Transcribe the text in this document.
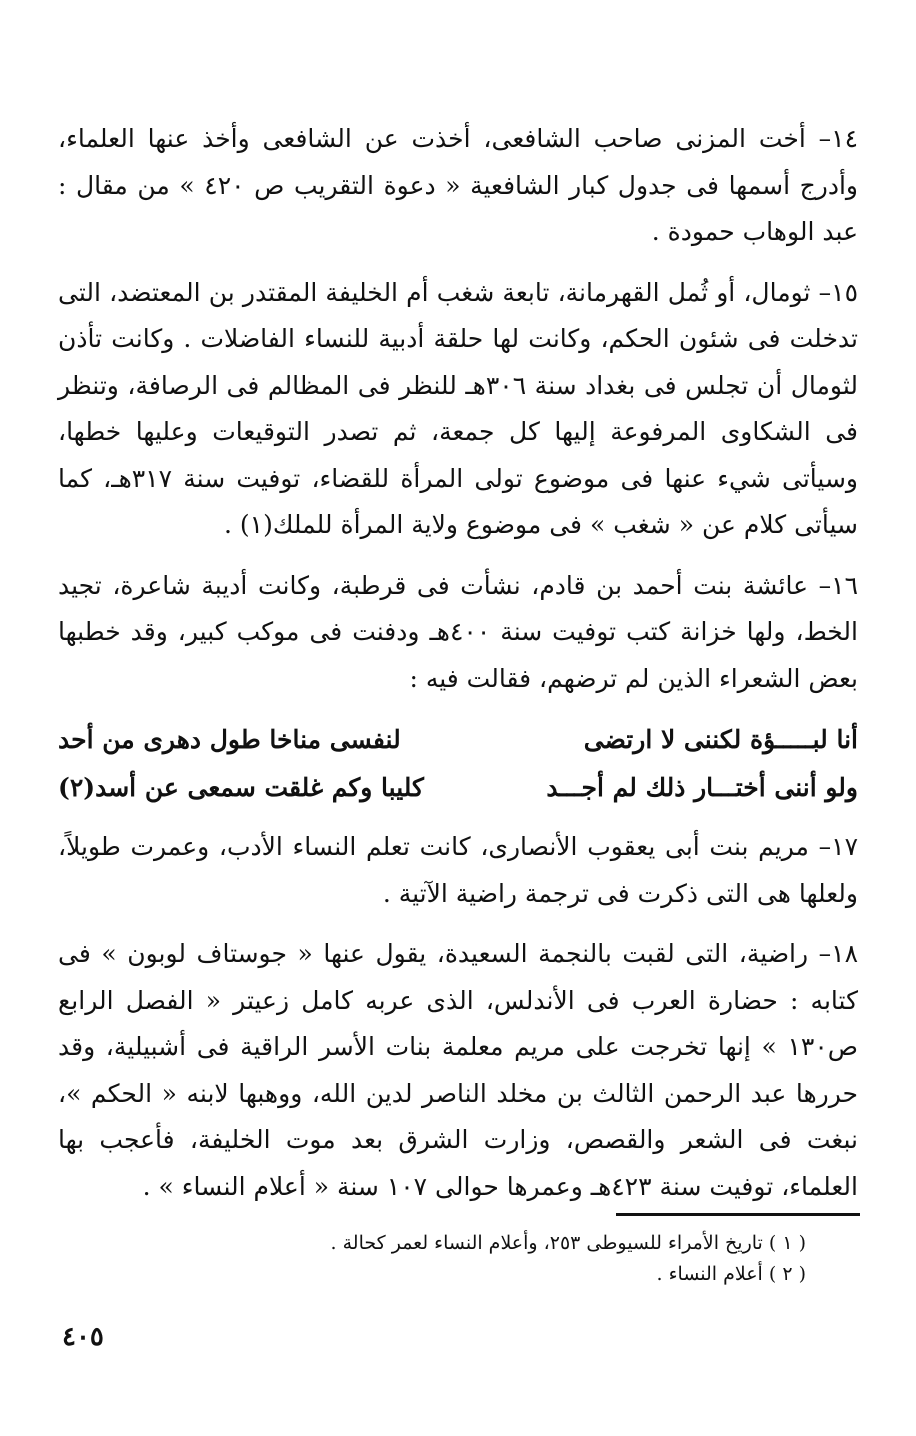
١٤– أخت المزنى صاحب الشافعى، أخذت عن الشافعى وأخذ عنها العلماء، وأدرج أسمها فى جدول كبار الشافعية « دعوة التقريب ص ٤٢٠ » من مقال : عبد الوهاب حمودة .

١٥– ثومال، أو ثُمل القهرمانة، تابعة شغب أم الخليفة المقتدر بن المعتضد، التى تدخلت فى شئون الحكم، وكانت لها حلقة أدبية للنساء الفاضلات . وكانت تأذن لثومال أن تجلس فى بغداد سنة ٣٠٦هـ للنظر فى المظالم فى الرصافة، وتنظر فى الشكاوى المرفوعة إليها كل جمعة، ثم تصدر التوقيعات وعليها خطها، وسيأتى شيء عنها فى موضوع تولى المرأة للقضاء، توفيت سنة ٣١٧هـ، كما سيأتى كلام عن « شغب » فى موضوع ولاية المرأة للملك(١) .

١٦– عائشة بنت أحمد بن قادم، نشأت فى قرطبة، وكانت أديبة شاعرة، تجيد الخط، ولها خزانة كتب توفيت سنة ٤٠٠هـ ودفنت فى موكب كبير، وقد خطبها بعض الشعراء الذين لم ترضهم، فقالت فيه :

أنا لبـــــؤة لكننى لا ارتضى
لنفسى مناخا طول دهرى من أحد
ولو أننى أختـــار ذلك لم أجـــد
كليبا وكم غلقت سمعى عن أسد(٢)

١٧– مريم بنت أبى يعقوب الأنصارى، كانت تعلم النساء الأدب، وعمرت طويلاً، ولعلها هى التى ذكرت فى ترجمة راضية الآتية .

١٨– راضية، التى لقبت بالنجمة السعيدة، يقول عنها « جوستاف لوبون » فى كتابه : حضارة العرب فى الأندلس، الذى عربه كامل زعيتر « الفصل الرابع ص١٣٠ » إنها تخرجت على مريم معلمة بنات الأسر الراقية فى أشبيلية، وقد حررها عبد الرحمن الثالث بن مخلد الناصر لدين الله، ووهبها لابنه « الحكم »، نبغت فى الشعر والقصص، وزارت الشرق بعد موت الخليفة، فأعجب بها العلماء، توفيت سنة ٤٢٣هـ وعمرها حوالى ١٠٧ سنة « أعلام النساء » .

( ١ ) تاريخ الأمراء للسيوطى ٢٥٣، وأعلام النساء لعمر كحالة .
( ٢ ) أعلام النساء .
٤٠٥
